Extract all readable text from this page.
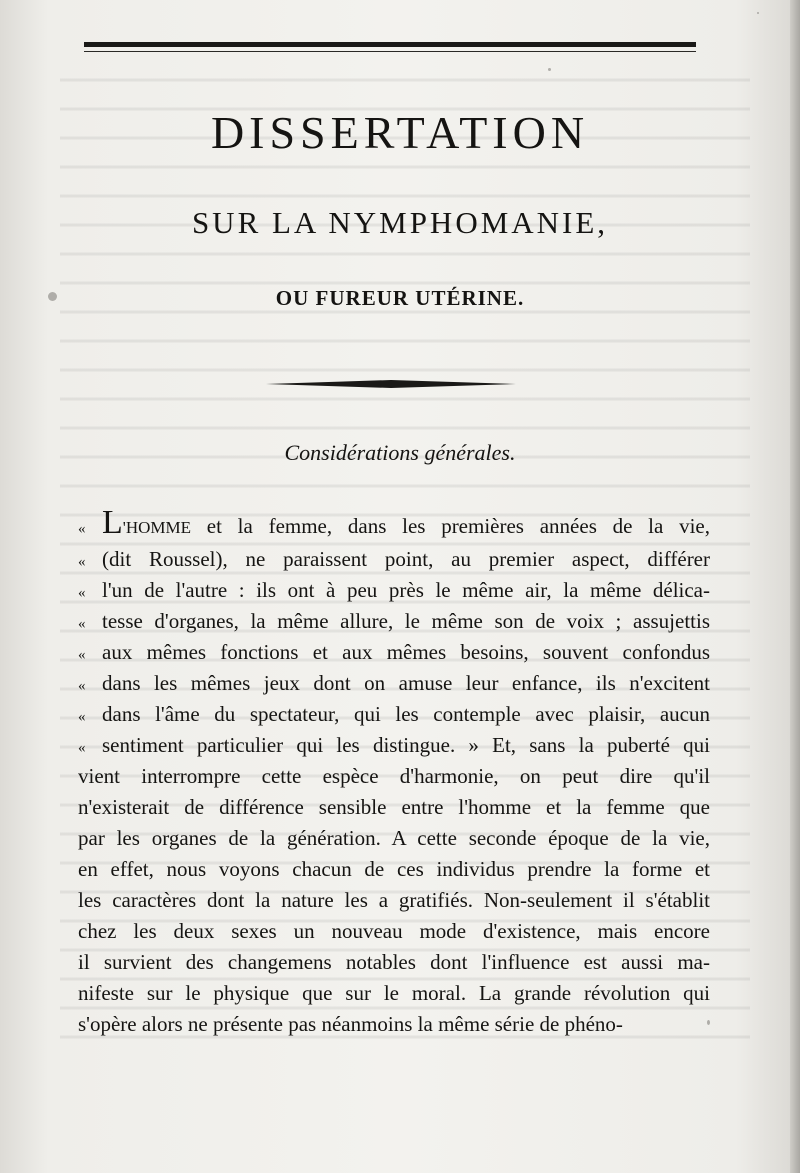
DISSERTATION
SUR LA NYMPHOMANIE,
OU FUREUR UTÉRINE.
Considérations générales.
« L'HOMME et la femme, dans les premières années de la vie,
« (dit Roussel), ne paraissent point, au premier aspect, différer
« l'un de l'autre : ils ont à peu près le même air, la même délica-
« tesse d'organes, la même allure, le même son de voix ; assujettis
« aux mêmes fonctions et aux mêmes besoins, souvent confondus
« dans les mêmes jeux dont on amuse leur enfance, ils n'excitent
« dans l'âme du spectateur, qui les contemple avec plaisir, aucun
« sentiment particulier qui les distingue. » Et, sans la puberté qui
vient interrompre cette espèce d'harmonie, on peut dire qu'il
n'existerait de différence sensible entre l'homme et la femme que
par les organes de la génération. A cette seconde époque de la vie,
en effet, nous voyons chacun de ces individus prendre la forme et
les caractères dont la nature les a gratifiés. Non-seulement il s'établit
chez les deux sexes un nouveau mode d'existence, mais encore
il survient des changemens notables dont l'influence est aussi ma-
nifeste sur le physique que sur le moral. La grande révolution qui
s'opère alors ne présente pas néanmoins la même série de phéno-
